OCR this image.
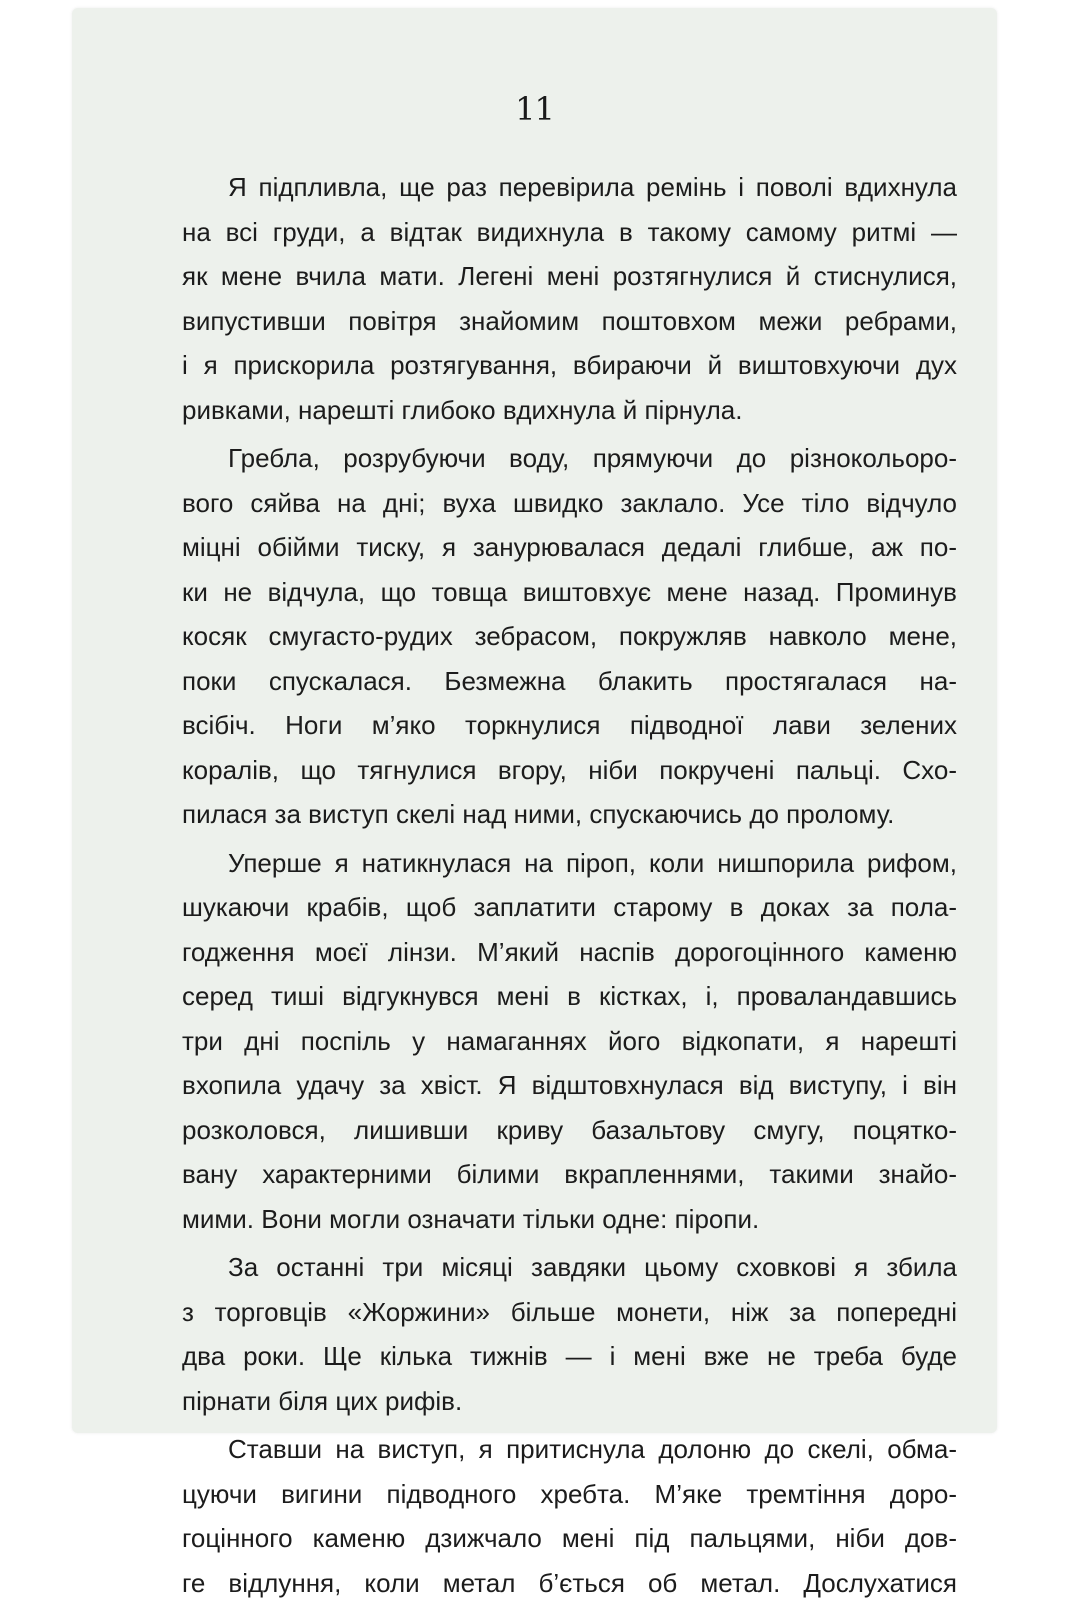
11
Я підпливла, ще раз перевірила ремінь і поволі вдихнула
на всі груди, а відтак видихнула в такому самому ритмі —
як мене вчила мати. Легені мені розтягнулися й стиснулися,
випустивши повітря знайомим поштовхом межи ребрами,
і я прискорила розтягування, вбираючи й виштовхуючи дух
ривками, нарешті глибоко вдихнула й пірнула.
Гребла, розрубуючи воду, прямуючи до різнокольоро-
вого сяйва на дні; вуха швидко заклало. Усе тіло відчуло
міцні обійми тиску, я занурювалася дедалі глибше, аж по-
ки не відчула, що товща виштовхує мене назад. Проминув
косяк смугасто-рудих зебрасом, покружляв навколо мене,
поки спускалася. Безмежна блакить простягалася на-
всібіч. Ноги м’яко торкнулися підводної лави зелених
коралів, що тягнулися вгору, ніби покручені пальці. Схо-
пилася за виступ скелі над ними, спускаючись до пролому.
Уперше я натикнулася на піроп, коли нишпорила рифом,
шукаючи крабів, щоб заплатити старому в доках за пола-
годження моєї лінзи. М’який наспів дорогоцінного каменю
серед тиші відгукнувся мені в кістках, і, проваландавшись
три дні поспіль у намаганнях його відкопати, я нарешті
вхопила удачу за хвіст. Я відштовхнулася від виступу, і він
розколовся, лишивши криву базальтову смугу, поцятко-
вану характерними білими вкрапленнями, такими знайо-
мими. Вони могли означати тільки одне: піропи.
За останні три місяці завдяки цьому сховкові я збила
з торговців «Жоржини» більше монети, ніж за попередні
два роки. Ще кілька тижнів — і мені вже не треба буде
пірнати біля цих рифів.
Ставши на виступ, я притиснула долоню до скелі, обма-
цуючи вигини підводного хребта. М’яке тремтіння доро-
гоцінного каменю дзижчало мені під пальцями, ніби дов-
ге відлуння, коли метал б’ється об метал. Дослухатися
